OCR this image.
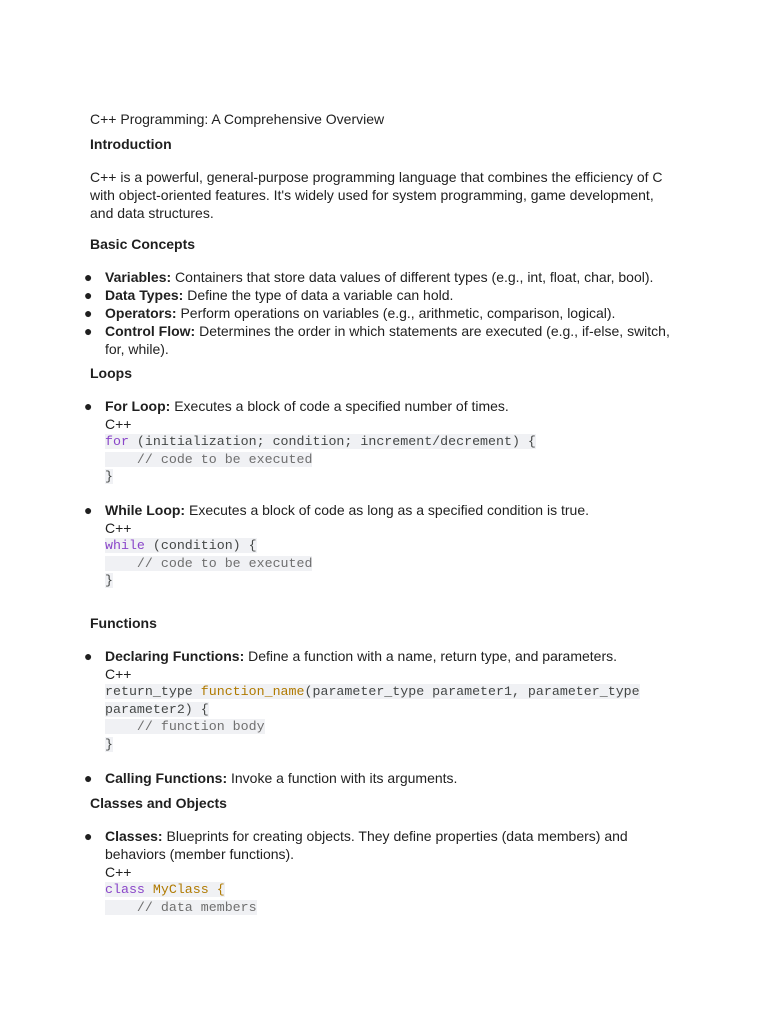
C++ Programming: A Comprehensive Overview
Introduction
C++ is a powerful, general-purpose programming language that combines the efficiency of C with object-oriented features. It's widely used for system programming, game development, and data structures.
Basic Concepts
● Variables: Containers that store data values of different types (e.g., int, float, char, bool).
● Data Types: Define the type of data a variable can hold.
● Operators: Perform operations on variables (e.g., arithmetic, comparison, logical).
● Control Flow: Determines the order in which statements are executed (e.g., if-else, switch, for, while).
Loops
● For Loop: Executes a block of code a specified number of times.
C++
for (initialization; condition; increment/decrement) {
// code to be executed
}
● While Loop: Executes a block of code as long as a specified condition is true.
C++
while (condition) {
// code to be executed
}
Functions
● Declaring Functions: Define a function with a name, return type, and parameters.
C++
return_type function_name(parameter_type parameter1, parameter_type
parameter2) {
// function body
}
● Calling Functions: Invoke a function with its arguments.
Classes and Objects
● Classes: Blueprints for creating objects. They define properties (data members) and behaviors (member functions).
C++
class MyClass {
// data members
